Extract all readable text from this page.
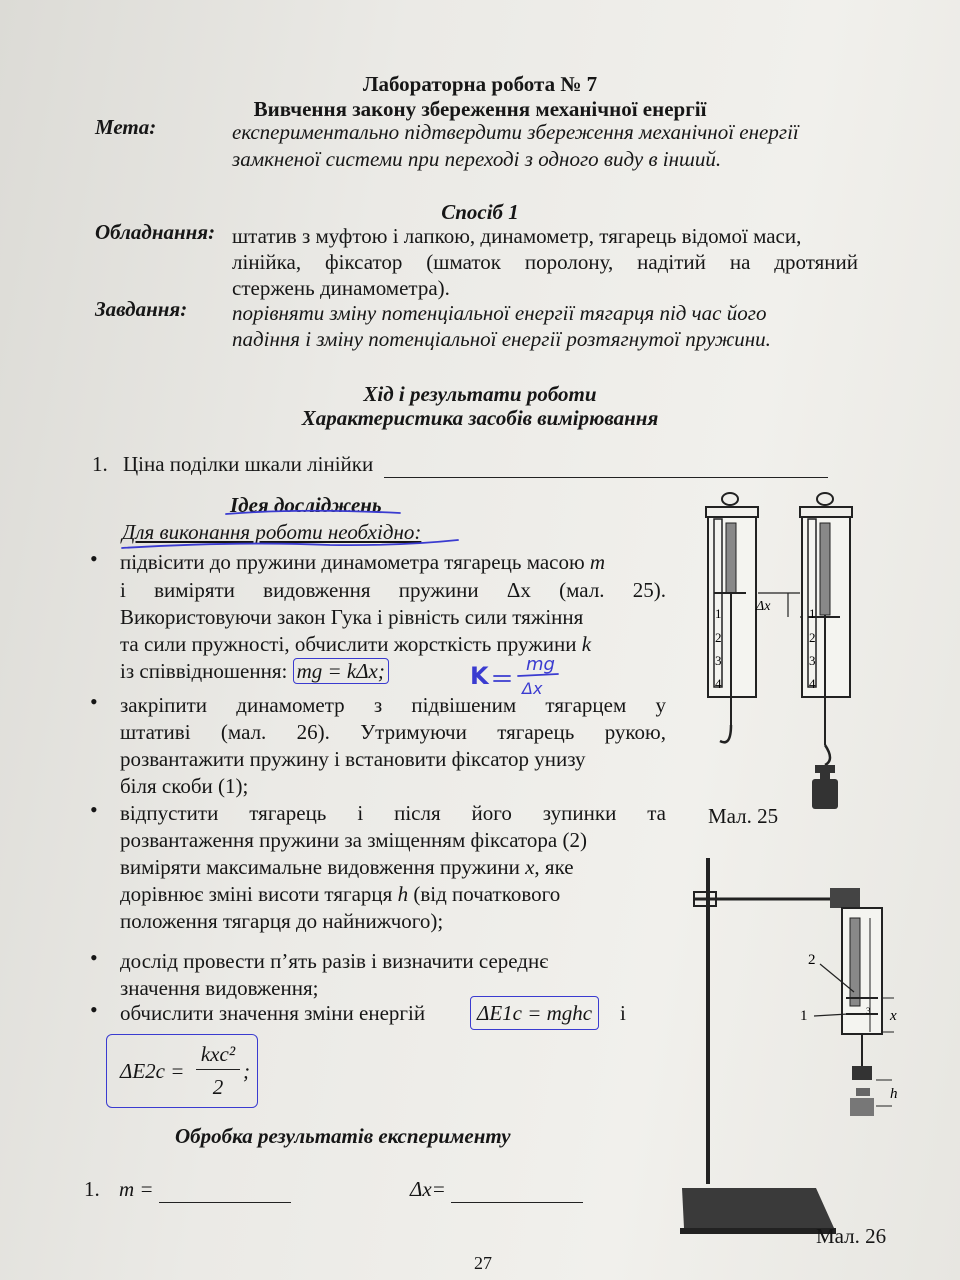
Лабораторна робота № 7
Вивчення закону збереження механічної енергії
Мета:	експериментально підтвердити збереження механічної енергії
замкненої системи при переході з одного виду в інший.
Спосіб 1
Обладнання: штатив з муфтою і лапкою, динамометр, тягарець відомої маси,
лінійка, фіксатор (шматок поролону, надітий на дротяний
стержень динамометра).
Завдання: порівняти зміну потенціальної енергії тягарця під час його
падіння і зміну потенціальної енергії розтягнутої пружини.
Хід і результати роботи
Характеристика засобів вимірювання
1. Ціна поділки шкали лінійки
Ідея досліджень
Для виконання роботи необхідно:
• підвісити до пружини динамометра тягарець масою m
і виміряти видовження пружини Δx (мал. 25).
Використовуючи закон Гука і рівність сили тяжіння
та сили пружності, обчислити жорсткість пружини k
із співвідношення: mg = kΔx;	K mg
Δx
• закріпити динамометр з підвішеним тягарцем у
штативі (мал. 26). Утримуючи тягарець рукою,
розвантажити пружину і встановити фіксатор унизу
біля скоби (1);
• відпустити тягарець і після його зупинки та
розвантаження пружини за зміщенням фіксатора (2)
виміряти максимальне видовження пружини x, яке
дорівнює зміні висоти тягарця h (від початкового
положення тягарця до найнижчого);
• дослід провести п’ять разів і визначити середнє
значення видовження;
• обчислити значення зміни енергій	ΔE1c = mghc	і
ΔE2c =
kxc²
2
;
Обробка результатів експерименту
1. m =	Δx=
1
2
3
4
Δx	1
2
3
4
Мал. 25
3
2
1	x
h
Мал. 26
27
